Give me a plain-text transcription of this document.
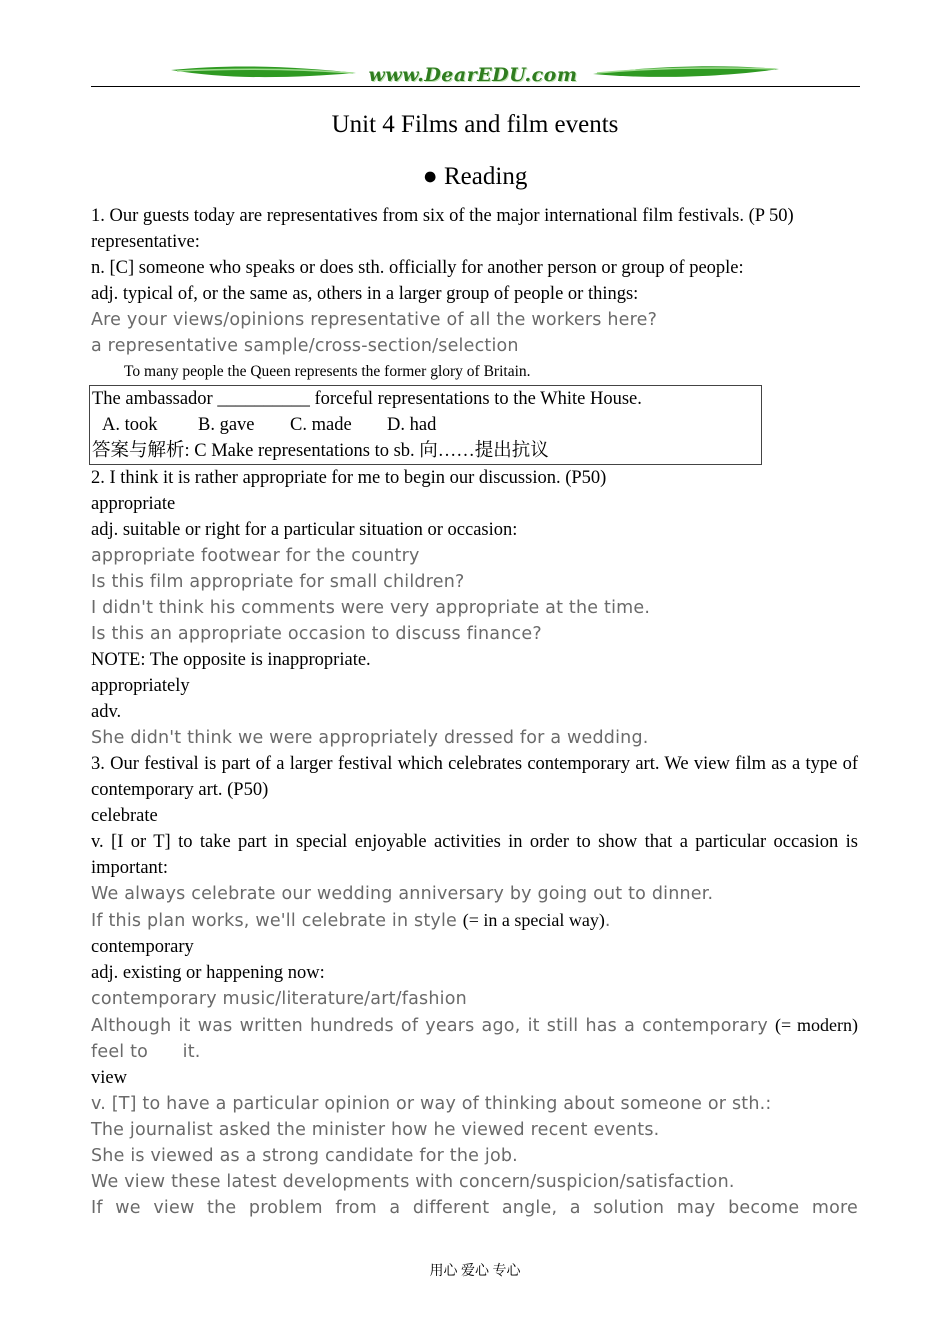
www.DearEDU.com
Unit 4 Films and film events
● Reading

1. Our guests today are representatives from six of the major international film festivals. (P 50)

representative:

n. [C] someone who speaks or does sth. officially for another person or group of people:

adj. typical of, or the same as, others in a larger group of people or things:

Are your views/opinions representative of all the workers here?

a representative sample/cross-section/selection

To many people the Queen represents the former glory of Britain.

The ambassador __________ forceful representations to the White House.

A. took B. gave C. made D. had

答案与解析: C Make representations to sb. 向……提出抗议

2. I think it is rather appropriate for me to begin our discussion. (P50)

appropriate

adj. suitable or right for a particular situation or occasion:

appropriate footwear for the country

Is this film appropriate for small children?

I didn't think his comments were very appropriate at the time.

Is this an appropriate occasion to discuss finance?

NOTE: The opposite is inappropriate.

appropriately

adv.

She didn't think we were appropriately dressed for a wedding.

3. Our festival is part of a larger festival which celebrates contemporary art. We view film as a type of contemporary art. (P50)

celebrate

v. [I or T] to take part in special enjoyable activities in order to show that a particular occasion is important:

We always celebrate our wedding anniversary by going out to dinner.

If this plan works, we'll celebrate in style (= in a special way).

contemporary

adj. existing or happening now:

contemporary music/literature/art/fashion

Although it was written hundreds of years ago, it still has a contemporary (= modern) feel to      it.

view

v. [T] to have a particular opinion or way of thinking about someone or sth.:

The journalist asked the minister how he viewed recent events.

She is viewed as a strong candidate for the job.

We view these latest developments with concern/suspicion/satisfaction.

If we view the problem from a different angle, a solution may become more

用心 爱心 专心
